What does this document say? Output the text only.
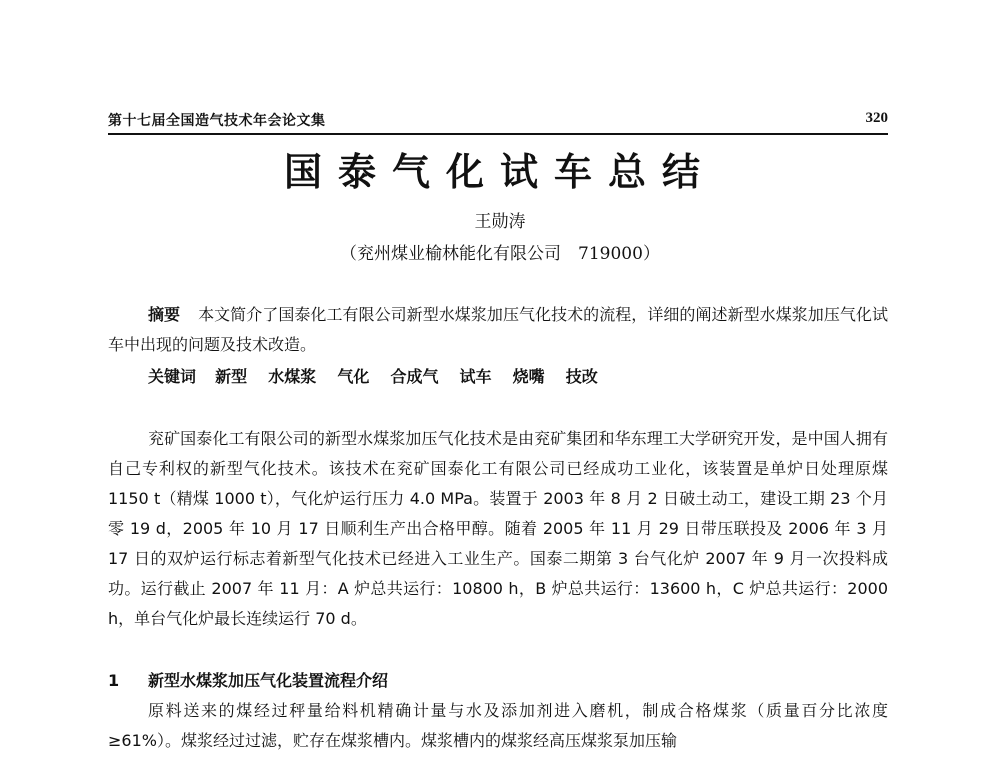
第十七届全国造气技术年会论文集	320
国泰气化试车总结
王勋涛
（兖州煤业榆林能化有限公司　719000）
摘要 本文简介了国泰化工有限公司新型水煤浆加压气化技术的流程，详细的阐述新型水煤浆加压气化试车中出现的问题及技术改造。
关键词 新型 水煤浆 气化 合成气 试车 烧嘴 技改
兖矿国泰化工有限公司的新型水煤浆加压气化技术是由兖矿集团和华东理工大学研究开发，是中国人拥有自己专利权的新型气化技术。该技术在兖矿国泰化工有限公司已经成功工业化，该装置是单炉日处理原煤 1150 t（精煤 1000 t），气化炉运行压力 4.0 MPa。装置于 2003 年 8 月 2 日破土动工，建设工期 23 个月零 19 d，2005 年 10 月 17 日顺利生产出合格甲醇。随着 2005 年 11 月 29 日带压联投及 2006 年 3 月 17 日的双炉运行标志着新型气化技术已经进入工业生产。国泰二期第 3 台气化炉 2007 年 9 月一次投料成功。运行截止 2007 年 11 月：A 炉总共运行：10800 h，B 炉总共运行：13600 h，C 炉总共运行：2000 h，单台气化炉最长连续运行 70 d。
1 新型水煤浆加压气化装置流程介绍
原料送来的煤经过秤量给料机精确计量与水及添加剂进入磨机，制成合格煤浆（质量百分比浓度≥61%）。煤浆经过过滤，贮存在煤浆槽内。煤浆槽内的煤浆经高压煤浆泵加压输
